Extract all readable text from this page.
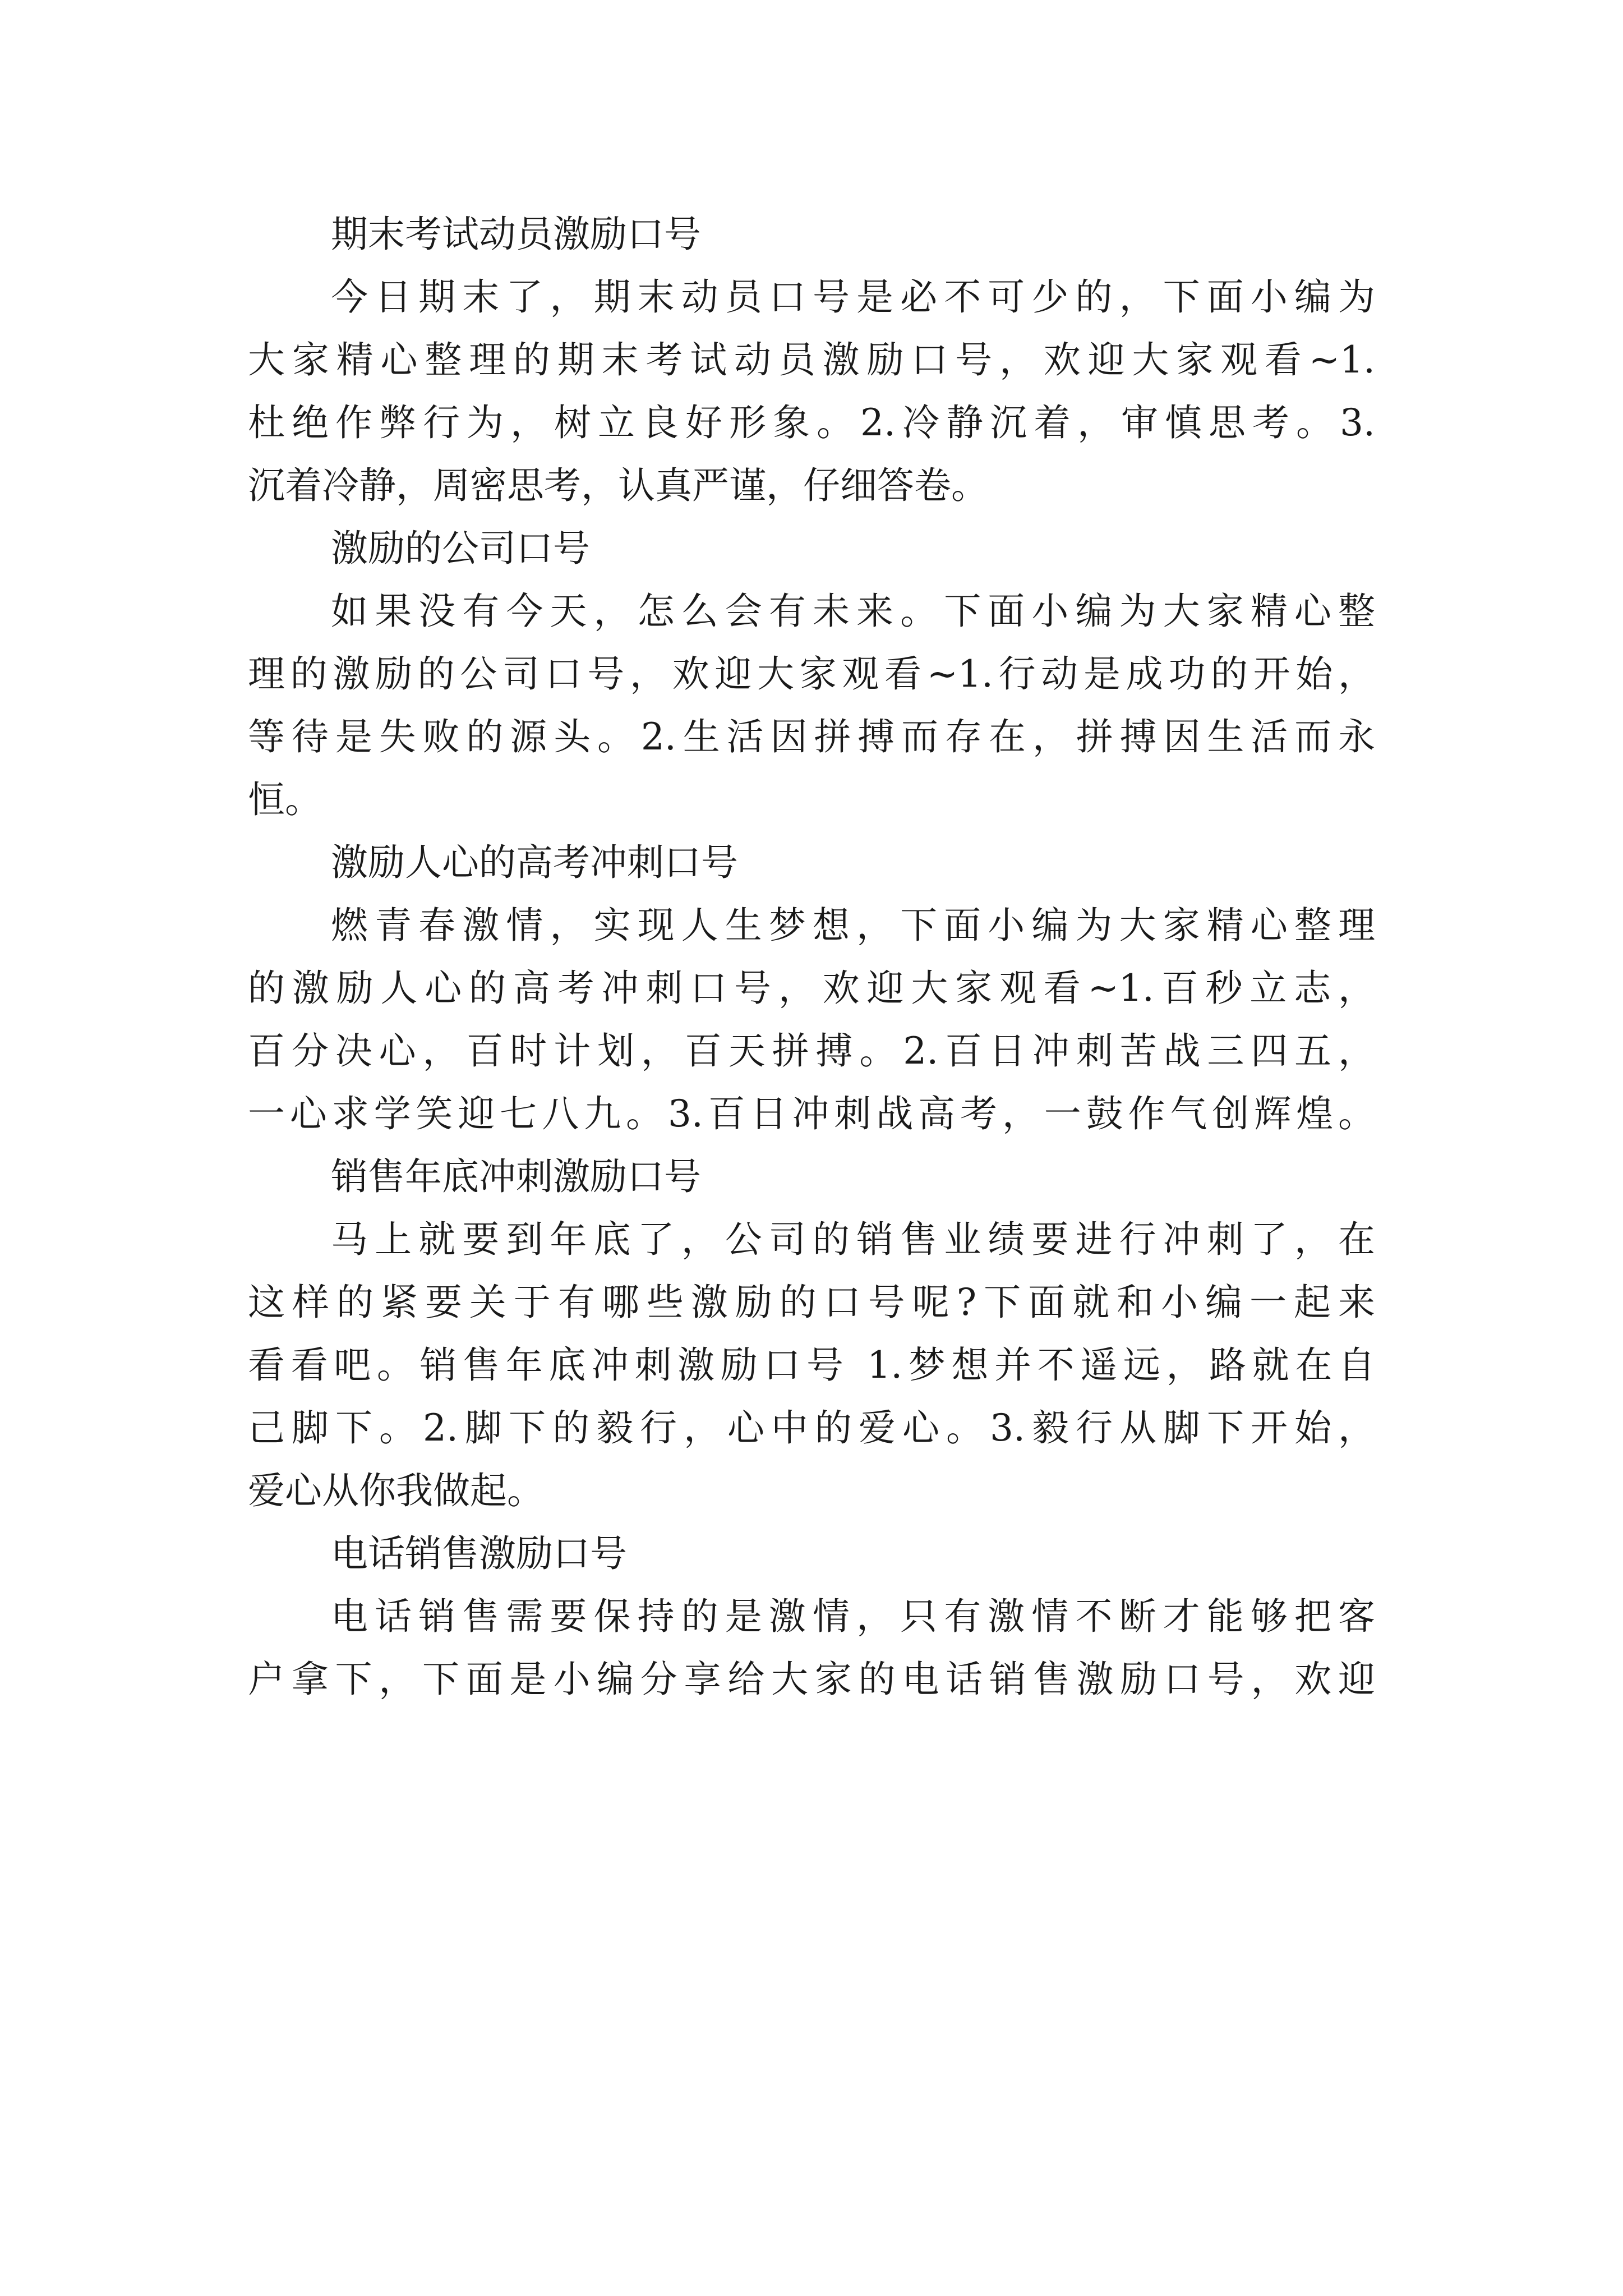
期末考试动员激励口号
今日期末了，期末动员口号是必不可少的，下面小编为
大家精心整理的期末考试动员激励口号，欢迎大家观看~1.
杜绝作弊行为，树立良好形象。2.冷静沉着，审慎思考。3.
沉着冷静，周密思考，认真严谨，仔细答卷。
激励的公司口号
如果没有今天，怎么会有未来。下面小编为大家精心整
理的激励的公司口号，欢迎大家观看~1.行动是成功的开始，
等待是失败的源头。2.生活因拼搏而存在，拼搏因生活而永
恒。
激励人心的高考冲刺口号
燃青春激情，实现人生梦想，下面小编为大家精心整理
的激励人心的高考冲刺口号，欢迎大家观看~1.百秒立志，
百分决心，百时计划，百天拼搏。2.百日冲刺苦战三四五，
一心求学笑迎七八九。3.百日冲刺战高考，一鼓作气创辉煌。
销售年底冲刺激励口号
马上就要到年底了，公司的销售业绩要进行冲刺了，在
这样的紧要关于有哪些激励的口号呢?下面就和小编一起来
看看吧。销售年底冲刺激励口号 1.梦想并不遥远，路就在自
己脚下。2.脚下的毅行，心中的爱心。3.毅行从脚下开始，
爱心从你我做起。
电话销售激励口号
电话销售需要保持的是激情，只有激情不断才能够把客
户拿下，下面是小编分享给大家的电话销售激励口号，欢迎
